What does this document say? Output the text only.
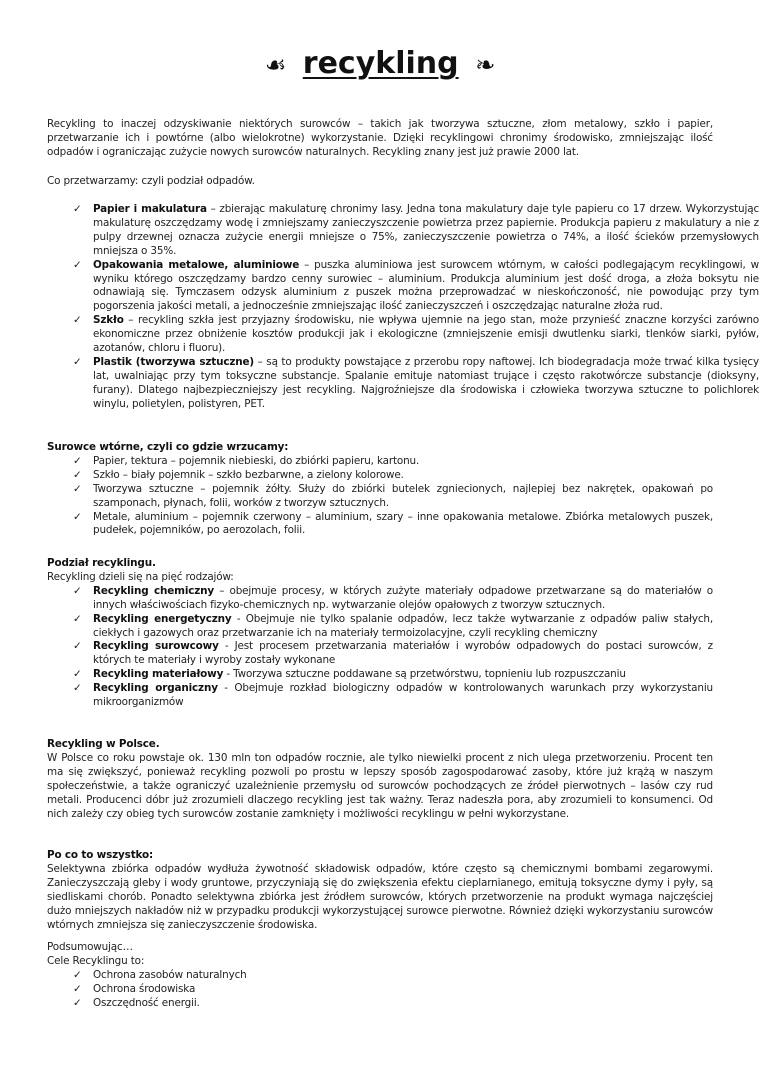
☙ recykling ❧

Recykling to inaczej odzyskiwanie niektórych surowców – takich jak tworzywa sztuczne, złom metalowy, szkło i papier, przetwarzanie ich i powtórne (albo wielokrotne) wykorzystanie. Dzięki recyklingowi chronimy środowisko, zmniejszając ilość odpadów i ograniczając zużycie nowych surowców naturalnych. Recykling znany jest już prawie 2000 lat.

Co przetwarzamy: czyli podział odpadów.

✓ Papier i makulatura – zbierając makulaturę chronimy lasy. Jedna tona makulatury daje tyle papieru co 17 drzew. Wykorzystując makulaturę oszczędzamy wodę i zmniejszamy zanieczyszczenie powietrza przez papiernie. Produkcja papieru z makulatury a nie z pulpy drzewnej oznacza zużycie energii mniejsze o 75%, zanieczyszczenie powietrza o 74%, a ilość ścieków przemysłowych mniejsza o 35%.
✓ Opakowania metalowe, aluminiowe – puszka aluminiowa jest surowcem wtórnym, w całości podlegającym recyklingowi, w wyniku którego oszczędzamy bardzo cenny surowiec – aluminium. Produkcja aluminium jest dość droga, a złoża boksytu nie odnawiają się. Tymczasem odzysk aluminium z puszek można przeprowadzać w nieskończoność, nie powodując przy tym pogorszenia jakości metali, a jednocześnie zmniejszając ilość zanieczyszczeń i oszczędzając naturalne złoża rud.
✓ Szkło – recykling szkła jest przyjazny środowisku, nie wpływa ujemnie na jego stan, może przynieść znaczne korzyści zarówno ekonomiczne przez obniżenie kosztów produkcji jak i ekologiczne (zmniejszenie emisji dwutlenku siarki, tlenków siarki, pyłów, azotanów, chloru i fluoru).
✓ Plastik (tworzywa sztuczne) – są to produkty powstające z przerobu ropy naftowej. Ich biodegradacja może trwać kilka tysięcy lat, uwalniając przy tym toksyczne substancje. Spalanie emituje natomiast trujące i często rakotwórcze substancje (dioksyny, furany). Dlatego najbezpieczniejszy jest recykling. Najgroźniejsze dla środowiska i człowieka tworzywa sztuczne to polichlorek winylu, polietylen, polistyren, PET.
Surowce wtórne, czyli co gdzie wrzucamy:
✓ Papier, tektura – pojemnik niebieski, do zbiórki papieru, kartonu.
✓ Szkło – biały pojemnik – szkło bezbarwne, a zielony kolorowe.
✓ Tworzywa sztuczne – pojemnik żółty. Służy do zbiórki butelek zgniecionych, najlepiej bez nakrętek, opakowań po szamponach, płynach, folii, worków z tworzyw sztucznych.
✓ Metale, aluminium – pojemnik czerwony – aluminium, szary – inne opakowania metalowe. Zbiórka metalowych puszek, pudełek, pojemników, po aerozolach, folii.
Podział recyklingu.

Recykling dzieli się na pięć rodzajów:

✓ Recykling chemiczny – obejmuje procesy, w których zużyte materiały odpadowe przetwarzane są do materiałów o innych właściwościach fizyko-chemicznych np. wytwarzanie olejów opałowych z tworzyw sztucznych.
✓ Recykling energetyczny - Obejmuje nie tylko spalanie odpadów, lecz także wytwarzanie z odpadów paliw stałych, ciekłych i gazowych oraz przetwarzanie ich na materiały termoizolacyjne, czyli recykling chemiczny
✓ Recykling surowcowy - Jest procesem przetwarzania materiałów i wyrobów odpadowych do postaci surowców, z których te materiały i wyroby zostały wykonane
✓ Recykling materiałowy - Tworzywa sztuczne poddawane są przetwórstwu, topnieniu lub rozpuszczaniu
✓ Recykling organiczny - Obejmuje rozkład biologiczny odpadów w kontrolowanych warunkach przy wykorzystaniu mikroorganizmów
Recykling w Polsce.

W Polsce co roku powstaje ok. 130 mln ton odpadów rocznie, ale tylko niewielki procent z nich ulega przetworzeniu. Procent ten ma się zwiększyć, ponieważ recykling pozwoli po prostu w lepszy sposób zagospodarować zasoby, które już krążą w naszym społeczeństwie, a także ograniczyć uzależnienie przemysłu od surowców pochodzących ze źródeł pierwotnych – lasów czy rud metali. Producenci dóbr już zrozumieli dlaczego recykling jest tak ważny. Teraz nadeszła pora, aby zrozumieli to konsumenci. Od nich zależy czy obieg tych surowców zostanie zamknięty i możliwości recyklingu w pełni wykorzystane.

Po co to wszystko:

Selektywna zbiórka odpadów wydłuża żywotność składowisk odpadów, które często są chemicznymi bombami zegarowymi. Zanieczyszczają gleby i wody gruntowe, przyczyniają się do zwiększenia efektu cieplarnianego, emitują toksyczne dymy i pyły, są siedliskami chorób. Ponadto selektywna zbiórka jest źródłem surowców, których przetworzenie na produkt wymaga najczęściej dużo mniejszych nakładów niż w przypadku produkcji wykorzystującej surowce pierwotne. Również dzięki wykorzystaniu surowców wtórnych zmniejsza się zanieczyszczenie środowiska.

Podsumowując…

Cele Recyklingu to:

✓ Ochrona zasobów naturalnych
✓ Ochrona środowiska
✓ Oszczędność energii.
